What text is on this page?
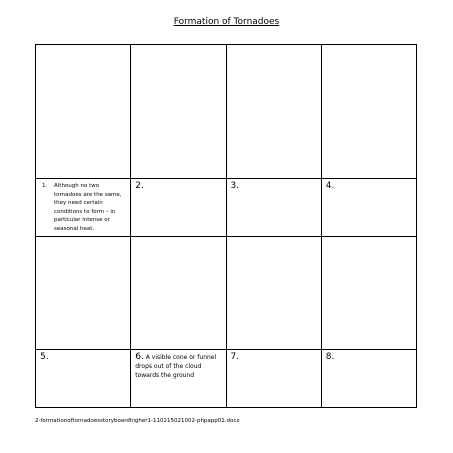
Formation of Tornadoes

1. Although no two tornadoes are the same, they need certain conditions to form – in particular intense or seasonal heat.	2.	3.	4.

5.	6. A visible cone or funnel drops out of the cloud towards the ground	7.	8.
2-formationoftornadoesstoryboardhigher1-110215021002-phpapp01.docx
